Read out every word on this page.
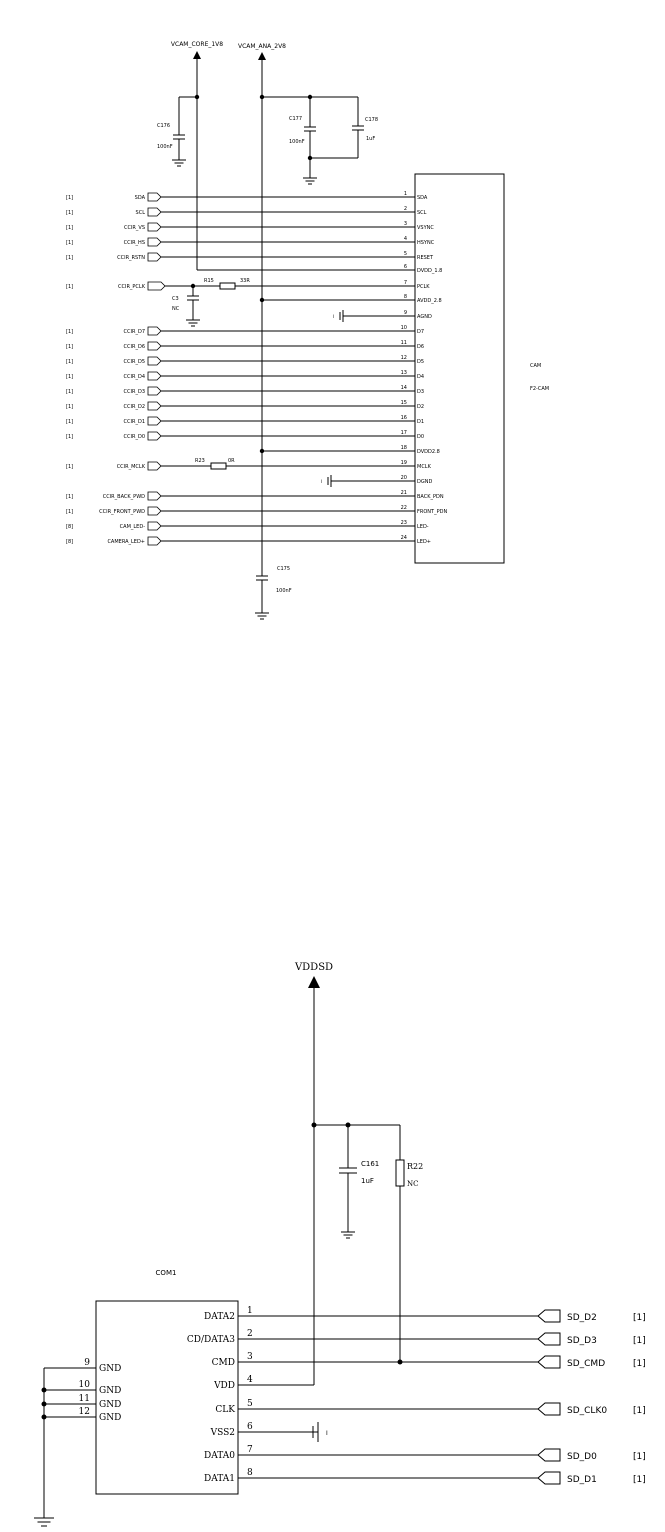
VCAM_CORE_1V8 VCAM_ANA_2V8
C176
100nF
C177
100nF
C178
1uF
C3
NC
R15	33R
I
R23	0R
I
C175
100nF
CAM
F2-CAM
1
SDA
SDA
[1]
2
SCL
SCL
[1]
3
VSYNC
CCIR_VS
[1]
4
HSYNC
CCIR_HS
[1]
5
RESET
CCIR_RSTN
[1]
6
DVDD_1.8
7
PCLK
CCIR_PCLK
[1]
8
AVDD_2.8
9
AGND
10
D7
CCIR_D7
[1]
11
D6
CCIR_D6
[1]
12
D5
CCIR_D5
[1]
13
D4
CCIR_D4
[1]
14
D3
CCIR_D3
[1]
15
D2
CCIR_D2
[1]
16
D1
CCIR_D1
[1]
17
D0
CCIR_D0
[1]
18
DVDD2.8
19
MCLK
CCIR_MCLK
[1]
20
DGND
21
BACK_PDN
CCIR_BACK_PWD
[1]
22
FRONT_PDN
CCIR_FRONT_PWD
[1]
23
LED-
CAM_LED-
[8]
24
LED+
CAMERA_LED+
[8]
VDDSD
C161
1uF
R22
NC
I
COM1
9
GND
10
GND
11
GND
12
GND
DATA2
1
SD_D2	[1]
CD/DATA3
2
SD_D3	[1]
CMD
3
SD_CMD	[1]
VDD
4
CLK
5
SD_CLK0	[1]
VSS2
6
DATA0
7
SD_D0	[1]
DATA1
8
SD_D1	[1]
